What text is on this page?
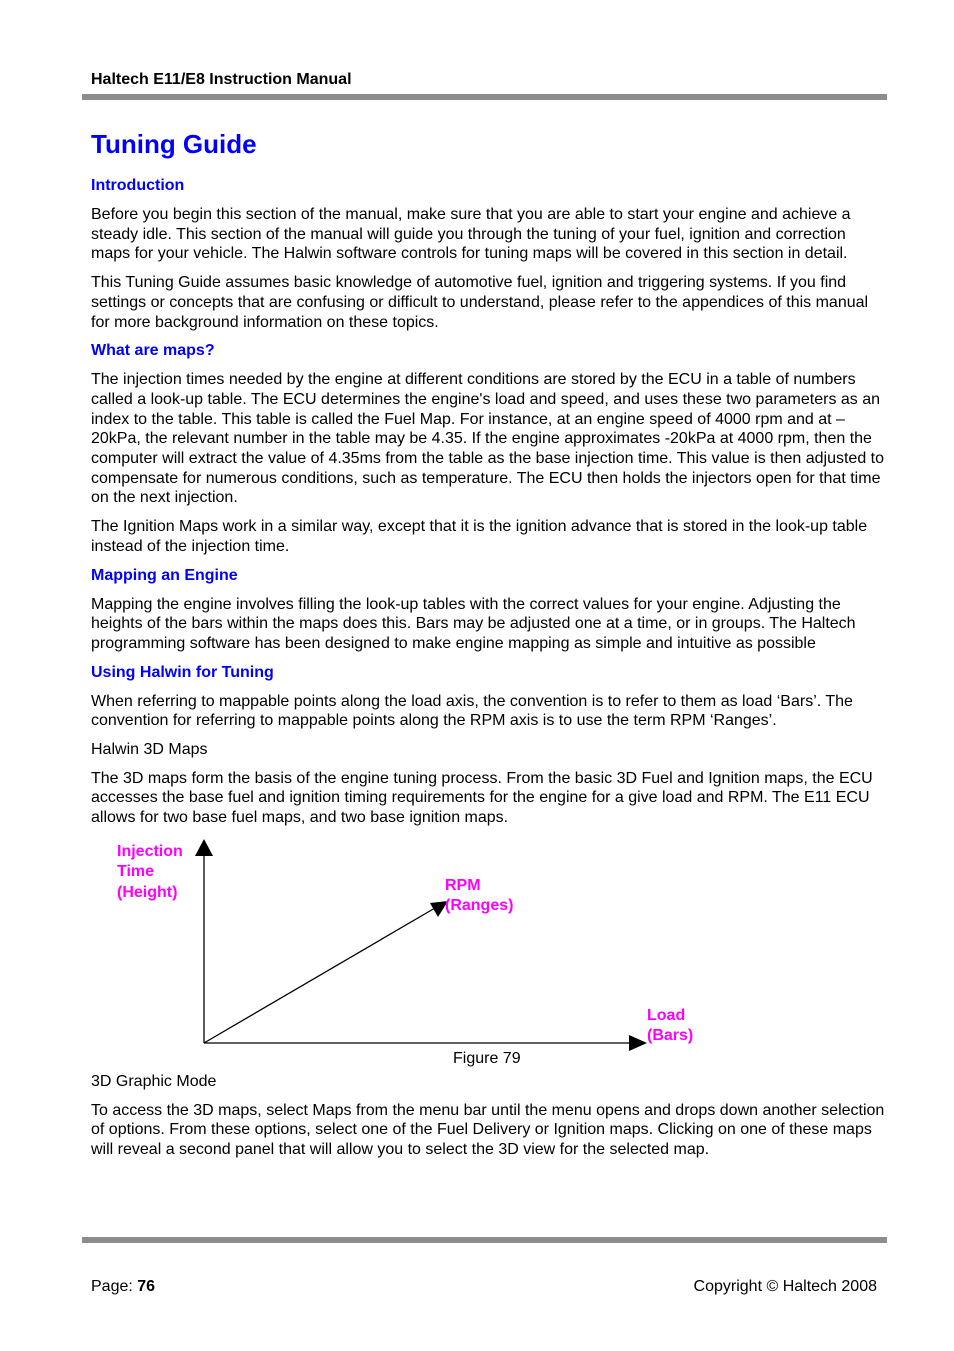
Haltech E11/E8 Instruction Manual
Tuning Guide
Introduction

Before you begin this section of the manual, make sure that you are able to start your engine and achieve a steady idle. This section of the manual will guide you through the tuning of your fuel, ignition and correction maps for your vehicle. The Halwin software controls for tuning maps will be covered in this section in detail.

This Tuning Guide assumes basic knowledge of automotive fuel, ignition and triggering systems. If you find settings or concepts that are confusing or difficult to understand, please refer to the appendices of this manual for more background information on these topics.

What are maps?

The injection times needed by the engine at different conditions are stored by the ECU in a table of numbers called a look-up table. The ECU determines the engine's load and speed, and uses these two parameters as an index to the table. This table is called the Fuel Map. For instance, at an engine speed of 4000 rpm and at –20kPa, the relevant number in the table may be 4.35. If the engine approximates -20kPa at 4000 rpm, then the computer will extract the value of 4.35ms from the table as the base injection time. This value is then adjusted to compensate for numerous conditions, such as temperature. The ECU then holds the injectors open for that time on the next injection.

The Ignition Maps work in a similar way, except that it is the ignition advance that is stored in the look-up table instead of the injection time.

Mapping an Engine

Mapping the engine involves filling the look-up tables with the correct values for your engine. Adjusting the heights of the bars within the maps does this. Bars may be adjusted one at a time, or in groups. The Haltech programming software has been designed to make engine mapping as simple and intuitive as possible

Using Halwin for Tuning

When referring to mappable points along the load axis, the convention is to refer to them as load ‘Bars’. The convention for referring to mappable points along the RPM axis is to use the term RPM ‘Ranges’.

Halwin 3D Maps

The 3D maps form the basis of the engine tuning process. From the basic 3D Fuel and Ignition maps, the ECU accesses the base fuel and ignition timing requirements for the engine for a give load and RPM. The E11 ECU allows for two base fuel maps, and two base ignition maps.

Injection
Time
(Height)	RPM
(Ranges)
Load
(Bars)
Figure 79

3D Graphic Mode

To access the 3D maps, select Maps from the menu bar until the menu opens and drops down another selection of options. From these options, select one of the Fuel Delivery or Ignition maps. Clicking on one of these maps will reveal a second panel that will allow you to select the 3D view for the selected map.

Page: 76	Copyright © Haltech 2008
